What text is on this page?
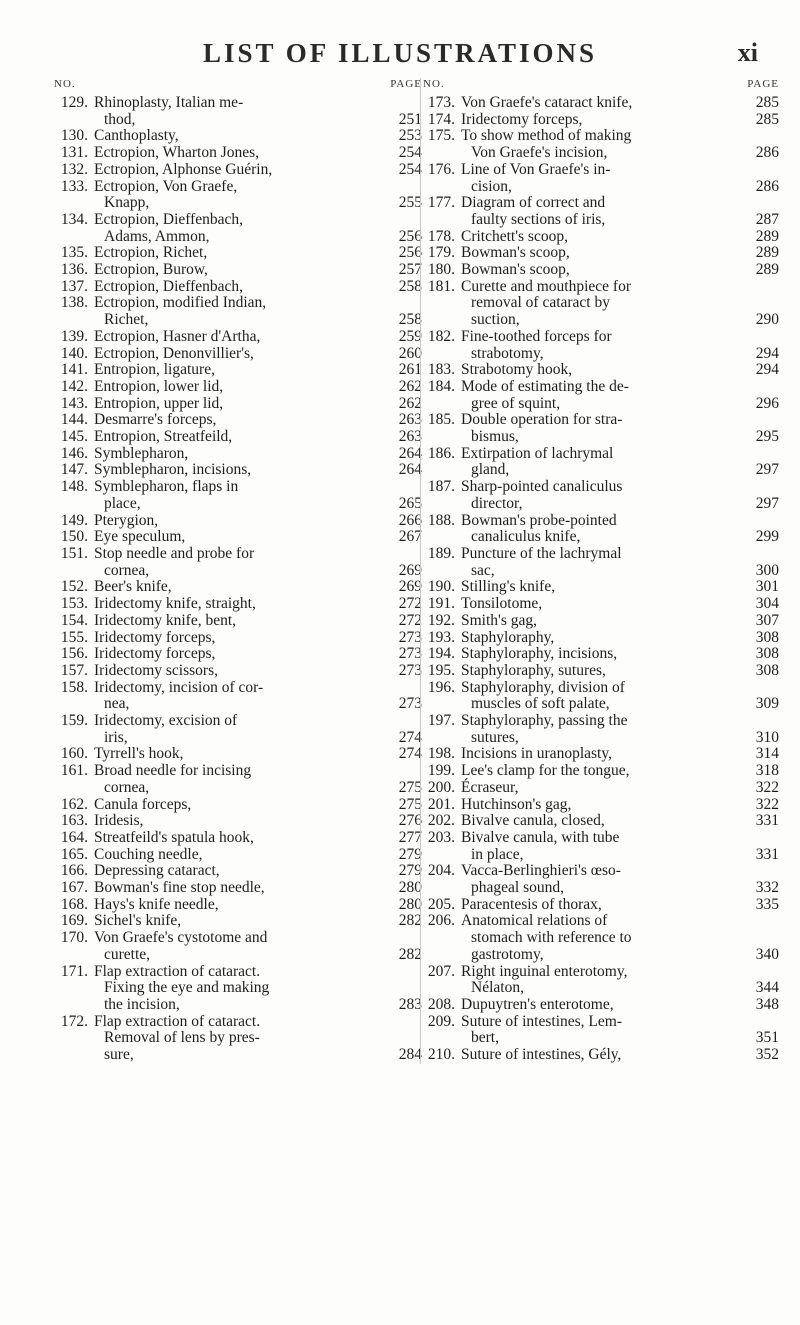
LIST OF ILLUSTRATIONS	xi
NO.	PAGE
129. Rhinoplasty, Italian me-
thod,	251
130. Canthoplasty,	253
131. Ectropion, Wharton Jones,	254
132. Ectropion, Alphonse Guérin,	254
133. Ectropion, Von Graefe,
Knapp,	255
134. Ectropion, Dieffenbach,
Adams, Ammon,	256
135. Ectropion, Richet,	256
136. Ectropion, Burow,	257
137. Ectropion, Dieffenbach,	258
138. Ectropion, modified Indian,
Richet,	258
139. Ectropion, Hasner d'Artha,	259
140. Ectropion, Denonvillier's,	260
141. Entropion, ligature,	261
142. Entropion, lower lid,	262
143. Entropion, upper lid,	262
144. Desmarre's forceps,	263
145. Entropion, Streatfeild,	263
146. Symblepharon,	264
147. Symblepharon, incisions,	264
148. Symblepharon, flaps in
place,	265
149. Pterygion,	266
150. Eye speculum,	267
151. Stop needle and probe for
cornea,	269
152. Beer's knife,	269
153. Iridectomy knife, straight,	272
154. Iridectomy knife, bent,	272
155. Iridectomy forceps,	273
156. Iridectomy forceps,	273
157. Iridectomy scissors,	273
158. Iridectomy, incision of cor-
nea,	273
159. Iridectomy, excision of
iris,	274
160. Tyrrell's hook,	274
161. Broad needle for incising
cornea,	275
162. Canula forceps,	275
163. Iridesis,	276
164. Streatfeild's spatula hook,	277
165. Couching needle,	279
166. Depressing cataract,	279
167. Bowman's fine stop needle,	280
168. Hays's knife needle,	280
169. Sichel's knife,	282
170. Von Graefe's cystotome and
curette,	282
171. Flap extraction of cataract.
Fixing the eye and making
the incision,	283
172. Flap extraction of cataract.
Removal of lens by pres-
sure,	284
NO.	PAGE
173. Von Graefe's cataract knife,	285
174. Iridectomy forceps,	285
175. To show method of making
Von Graefe's incision,	286
176. Line of Von Graefe's in-
cision,	286
177. Diagram of correct and
faulty sections of iris,	287
178. Critchett's scoop,	289
179. Bowman's scoop,	289
180. Bowman's scoop,	289
181. Curette and mouthpiece for
removal of cataract by
suction,	290
182. Fine-toothed forceps for
strabotomy,	294
183. Strabotomy hook,	294
184. Mode of estimating the de-
gree of squint,	296
185. Double operation for stra-
bismus,	295
186. Extirpation of lachrymal
gland,	297
187. Sharp-pointed canaliculus
director,	297
188. Bowman's probe-pointed
canaliculus knife,	299
189. Puncture of the lachrymal
sac,	300
190. Stilling's knife,	301
191. Tonsilotome,	304
192. Smith's gag,	307
193. Staphyloraphy,	308
194. Staphyloraphy, incisions,	308
195. Staphyloraphy, sutures,	308
196. Staphyloraphy, division of
muscles of soft palate,	309
197. Staphyloraphy, passing the
sutures,	310
198. Incisions in uranoplasty,	314
199. Lee's clamp for the tongue,	318
200. Écraseur,	322
201. Hutchinson's gag,	322
202. Bivalve canula, closed,	331
203. Bivalve canula, with tube
in place,	331
204. Vacca-Berlinghieri's œso-
phageal sound,	332
205. Paracentesis of thorax,	335
206. Anatomical relations of
stomach with reference to
gastrotomy,	340
207. Right inguinal enterotomy,
Nélaton,	344
208. Dupuytren's enterotome,	348
209. Suture of intestines, Lem-
bert,	351
210. Suture of intestines, Gély,	352
